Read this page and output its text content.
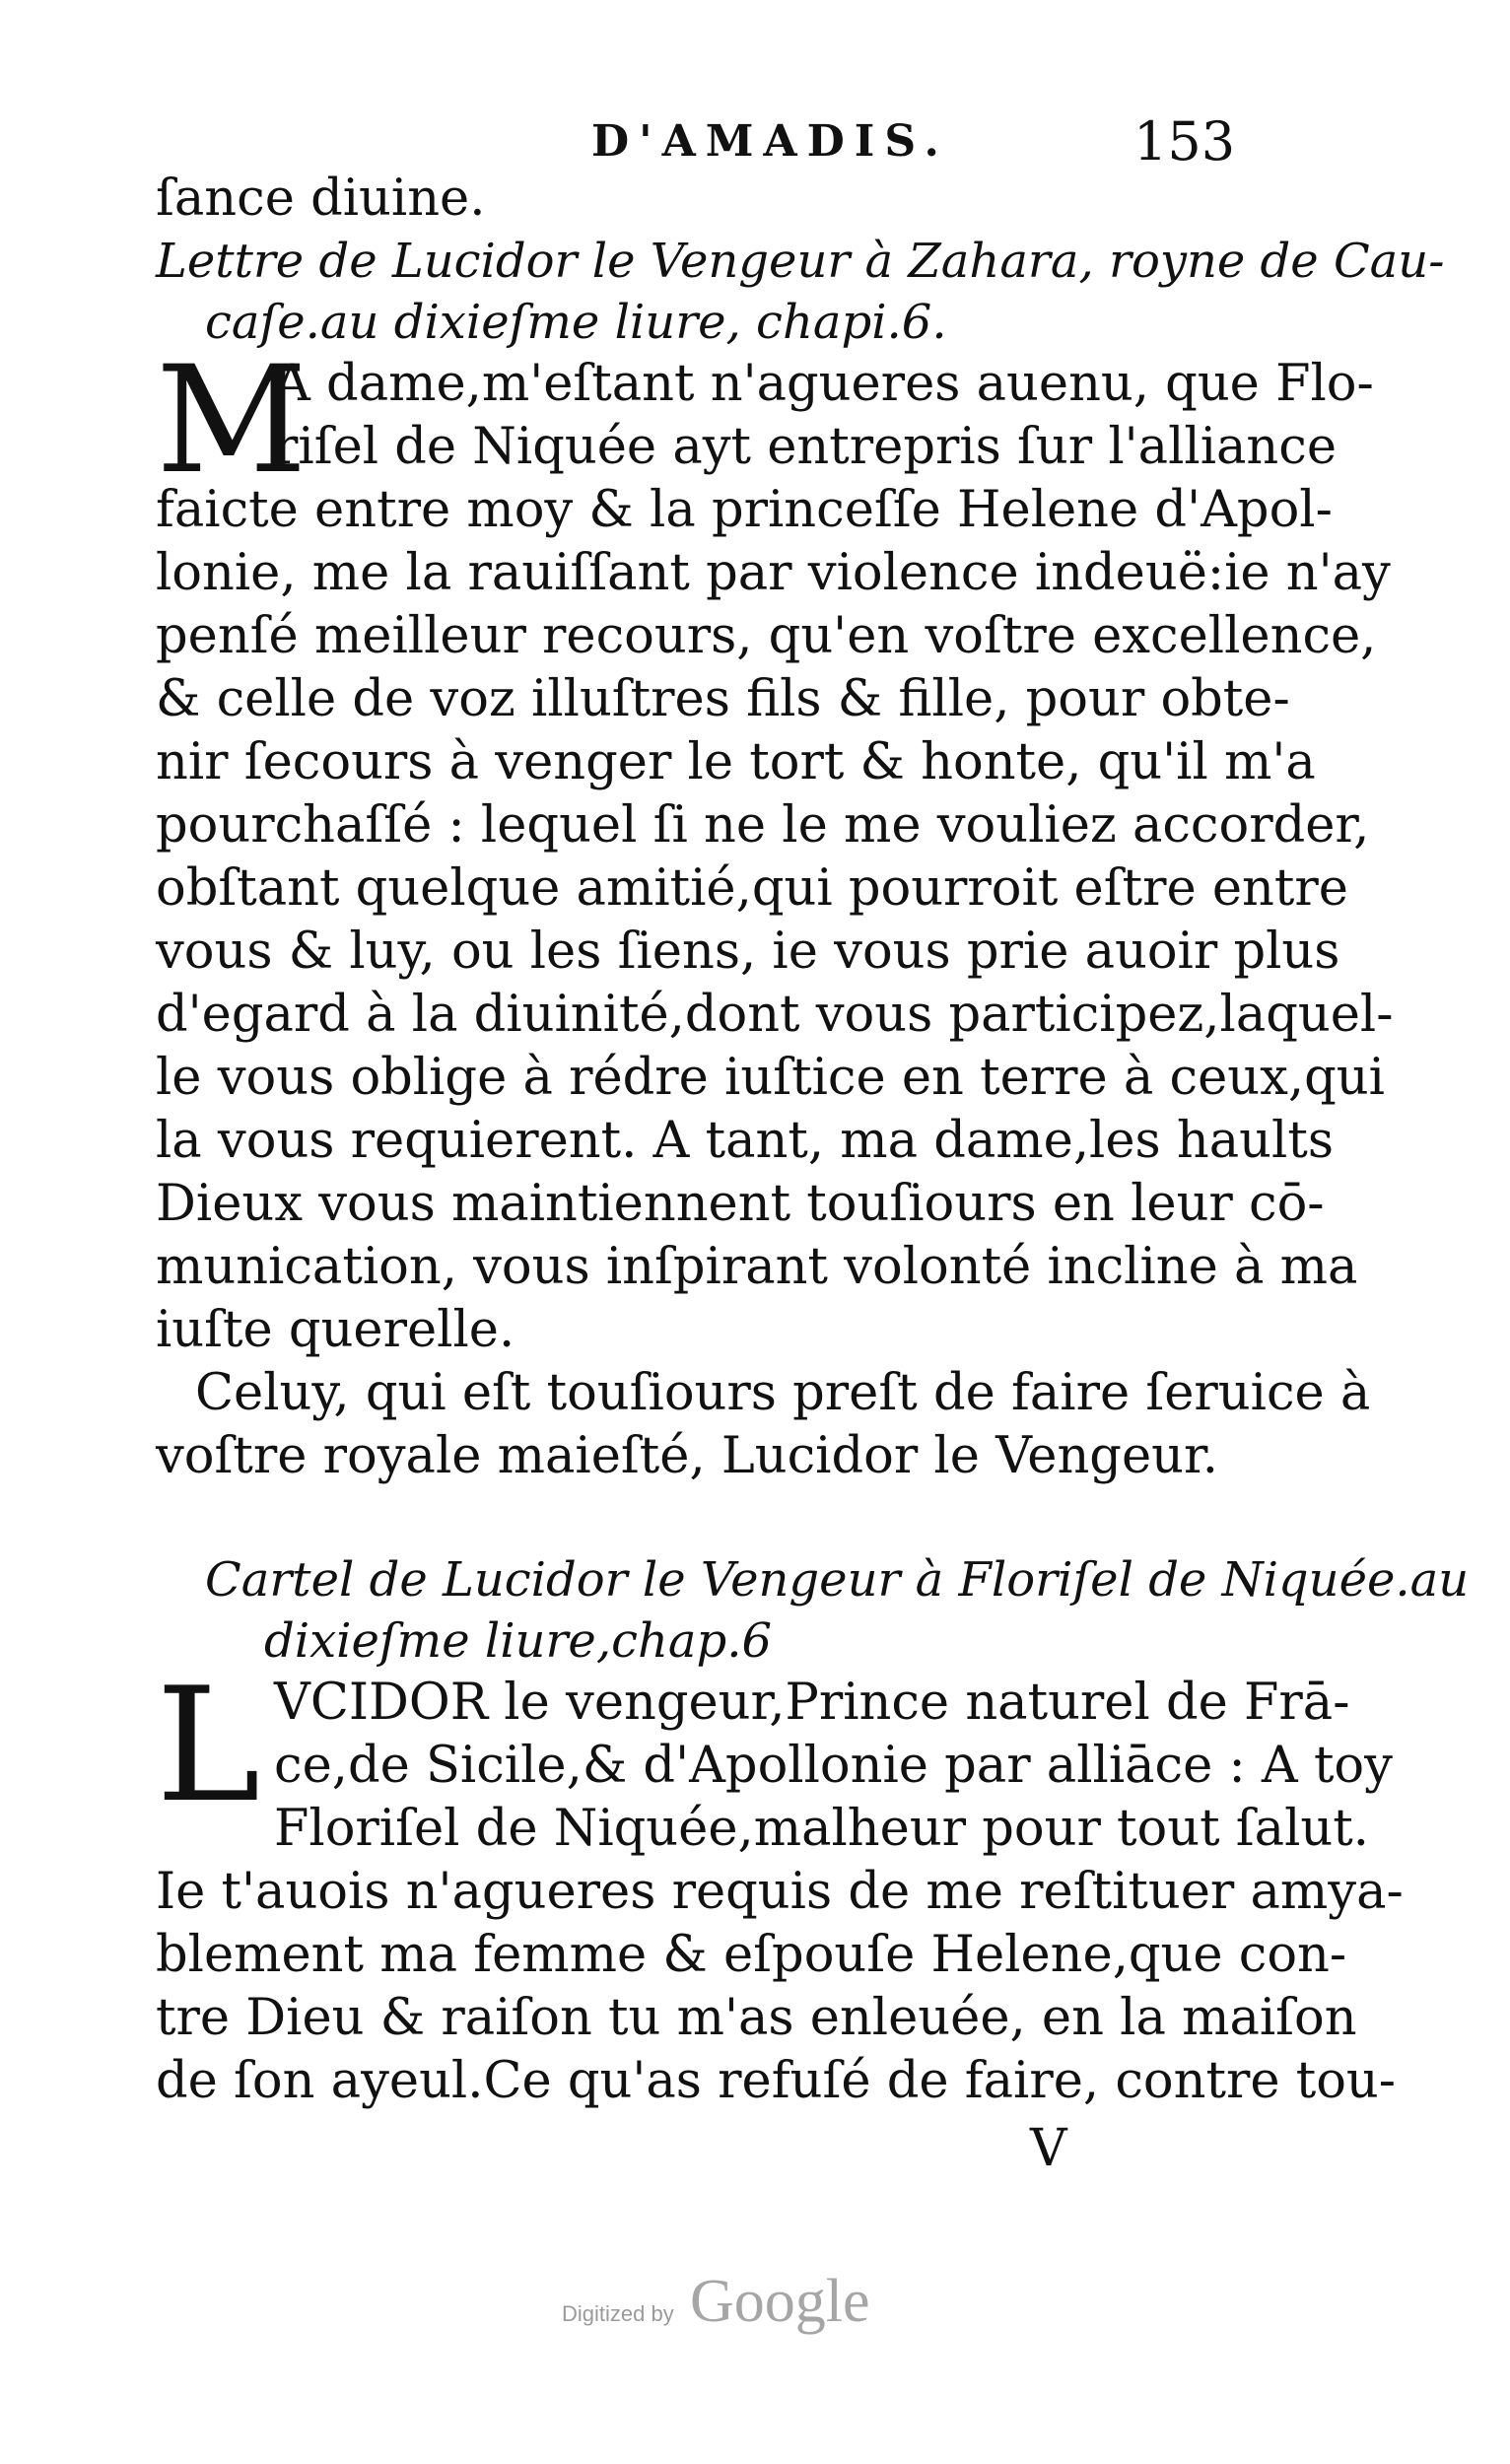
D'AMADIS.	153
ſance diuine.
Lettre de Lucidor le Vengeur à Zahara, royne de Cau-
caſe.au dixieſme liure, chapi.6.
M
A dame,m'eſtant n'agueres auenu, que Flo-
riſel de Niquée ayt entrepris ſur l'alliance
faicte entre moy & la princeſſe Helene d'Apol-
lonie, me la rauiſſant par violence indeuë:ie n'ay
penſé meilleur recours, qu'en voſtre excellence,
& celle de voz illuſtres fils & fille, pour obte-
nir ſecours à venger le tort & honte, qu'il m'a
pourchaſſé : lequel ſi ne le me vouliez accorder,
obſtant quelque amitié,qui pourroit eſtre entre
vous & luy, ou les ſiens, ie vous prie auoir plus
d'egard à la diuinité,dont vous participez,laquel-
le vous oblige à rédre iuſtice en terre à ceux,qui
la vous requierent. A tant, ma dame,les haults
Dieux vous maintiennent touſiours en leur cō-
munication, vous inſpirant volonté incline à ma
iuſte querelle.
Celuy, qui eſt touſiours preſt de faire ſeruice à
voſtre royale maieſté, Lucidor le Vengeur.
Cartel de Lucidor le Vengeur à Floriſel de Niquée.au
dixieſme liure,chap.6
L VCIDOR le vengeur,Prince naturel de Frā-
ce,de Sicile,& d'Apollonie par alliāce : A toy
Floriſel de Niquée,malheur pour tout ſalut.
Ie t'auois n'agueres requis de me reſtituer amya-
blement ma femme & eſpouſe Helene,que con-
tre Dieu & raiſon tu m'as enleuée, en la maiſon
de ſon ayeul.Ce qu'as refuſé de faire, contre tou-
V
Digitized by Google
